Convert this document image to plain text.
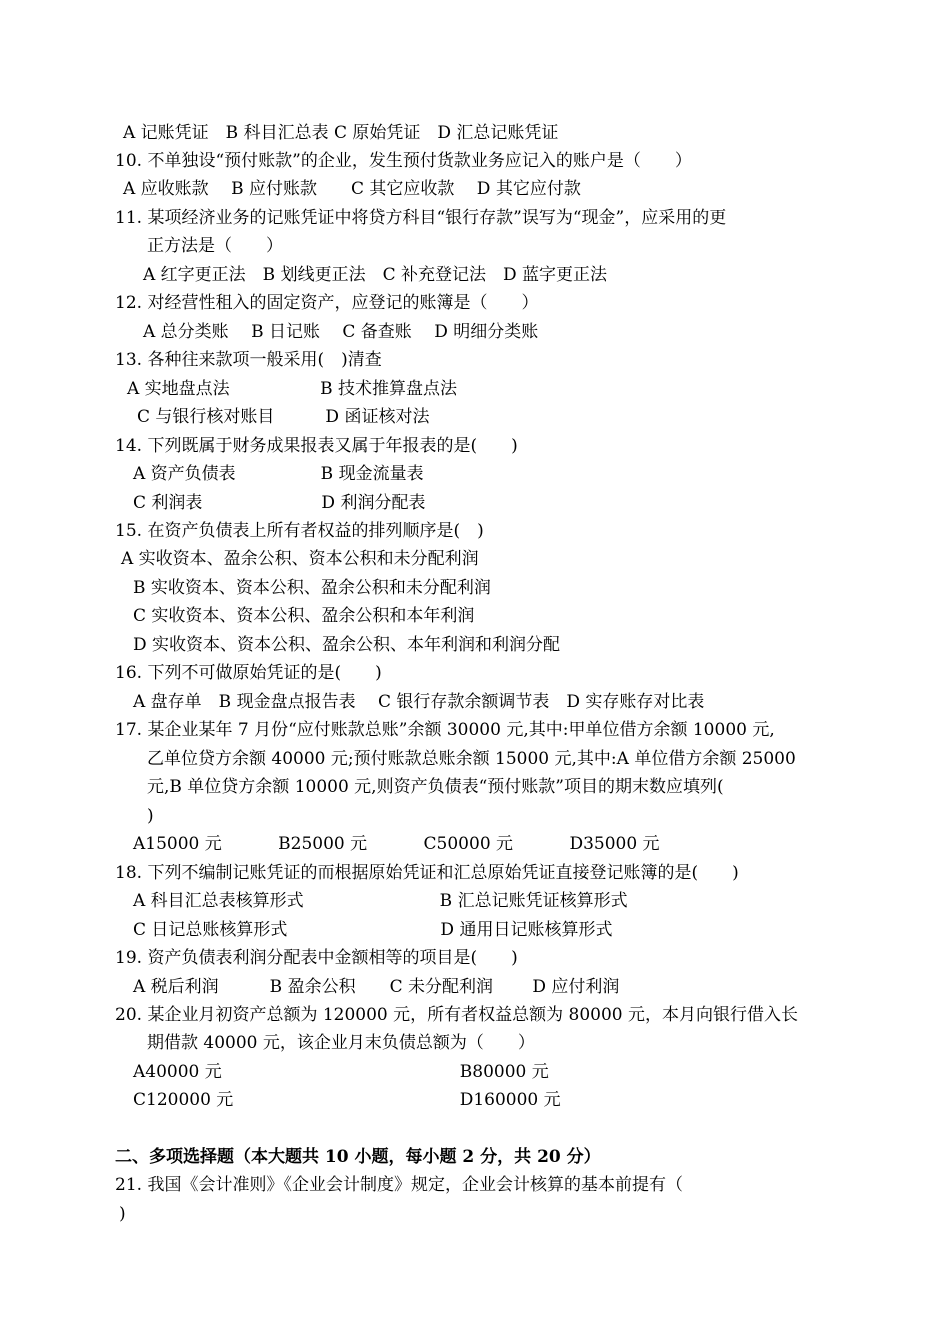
A 记账凭证　B 科目汇总表 C 原始凭证　D 汇总记账凭证
10. 不单独设“预付账款”的企业，发生预付货款业务应记入的账户是（　　）
A 应收账款　 B 应付账款　　C 其它应收款　 D 其它应付款
11. 某项经济业务的记账凭证中将贷方科目“银行存款”误写为“现金”，应采用的更
正方法是（　　）
A 红字更正法　B 划线更正法　C 补充登记法　D 蓝字更正法
12. 对经营性租入的固定资产，应登记的账簿是（　　）
A 总分类账　 B 日记账　 C 备查账　 D 明细分类账
13. 各种往来款项一般采用(　)清查
A 实地盘点法　　　　　 B 技术推算盘点法
C 与银行核对账目　　　D 函证核对法
14. 下列既属于财务成果报表又属于年报表的是(　　)
A 资产负债表　　　　　B 现金流量表
C 利润表　　　　　　　D 利润分配表
15. 在资产负债表上所有者权益的排列顺序是(　)
A 实收资本、盈余公积、资本公积和未分配利润
B 实收资本、资本公积、盈余公积和未分配利润
C 实收资本、资本公积、盈余公积和本年利润
D 实收资本、资本公积、盈余公积、本年利润和利润分配
16. 下列不可做原始凭证的是(　　)
A 盘存单　B 现金盘点报告表　 C 银行存款余额调节表　D 实存账存对比表
17. 某企业某年 7 月份“应付账款总账”余额 30000 元,其中:甲单位借方余额 10000 元,
乙单位贷方余额 40000 元;预付账款总账余额 15000 元,其中:A 单位借方余额 25000
元,B 单位贷方余额 10000 元,则资产负债表“预付账款”项目的期末数应填列(
)
A15000 元　　　 B25000 元　　　 C50000 元　　　 D35000 元
18. 下列不编制记账凭证的而根据原始凭证和汇总原始凭证直接登记账簿的是(　　)
A 科目汇总表核算形式　　　　　　　　B 汇总记账凭证核算形式
C 日记总账核算形式　　　　　　　　　D 通用日记账核算形式
19. 资产负债表利润分配表中金额相等的项目是(　　)
A 税后利润　　　B 盈余公积　　C 未分配利润　　 D 应付利润
20. 某企业月初资产总额为 120000 元，所有者权益总额为 80000 元，本月向银行借入长
期借款 40000 元，该企业月末负债总额为（　　）
A40000 元　　　　　　　　　　　　　　B80000 元
C120000 元　　　　　　　　　　　　　 D160000 元
二、多项选择题（本大题共 10 小题，每小题 2 分，共 20 分）
21. 我国《会计准则》《企业会计制度》规定，企业会计核算的基本前提有（
)
